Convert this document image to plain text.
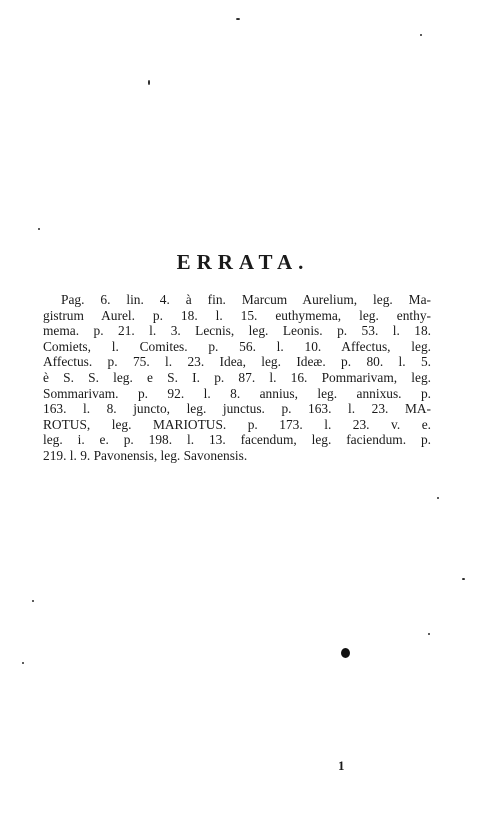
ERRATA.
Pag. 6. lin. 4. à fin. Marcum Aurelium, leg. Ma-
gistrum Aurel. p. 18. l. 15. euthymema, leg. enthy-
mema. p. 21. l. 3. Lecnis, leg. Leonis. p. 53. l. 18.
Comiets, l. Comites. p. 56. l. 10. Affectus, leg.
Affectus. p. 75. l. 23. Idea, leg. Ideæ. p. 80. l. 5.
è S. S. leg. e S. I. p. 87. l. 16. Pommarivam, leg.
Sommarivam. p. 92. l. 8. annius, leg. annixus. p.
163. l. 8. juncto, leg. junctus. p. 163. l. 23. MA-
ROTUS, leg. MARIOTUS. p. 173. l. 23. v. e.
leg. i. e. p. 198. l. 13. facendum, leg. faciendum. p.
219. l. 9. Pavonensis, leg. Savonensis.
1
